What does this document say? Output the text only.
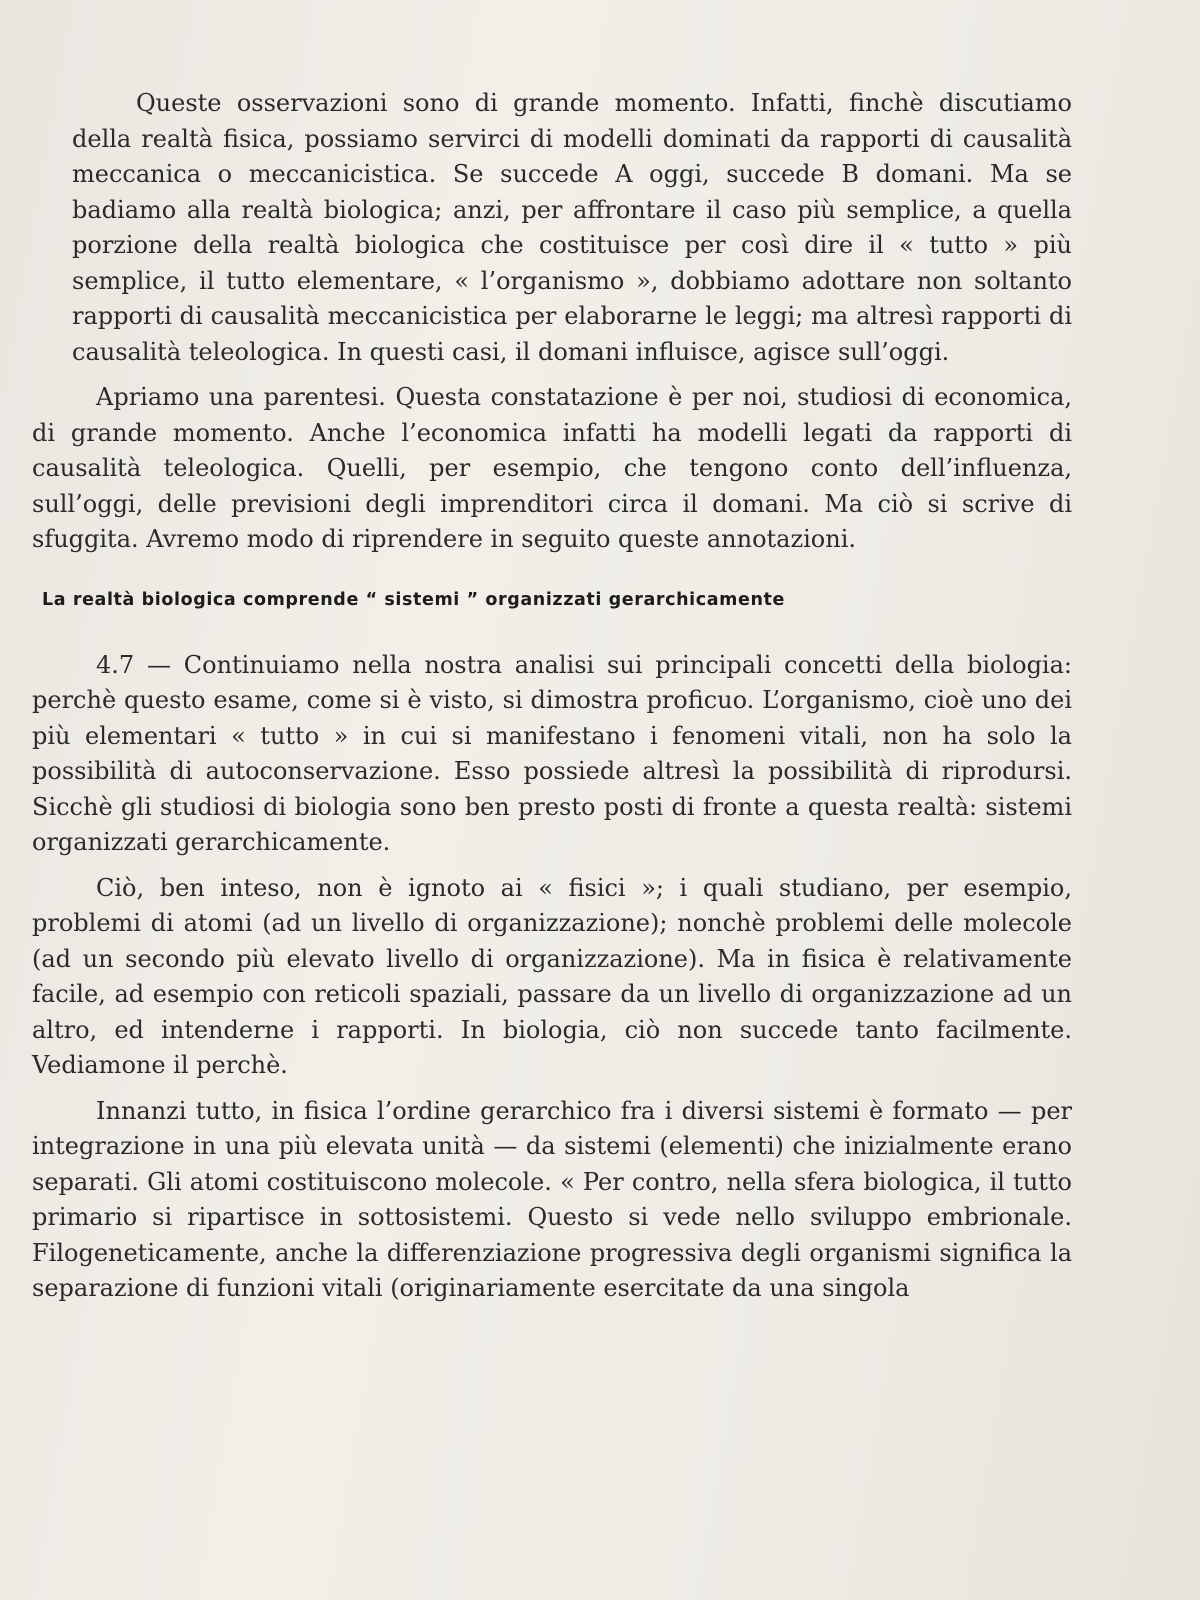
Queste osservazioni sono di grande momento. Infatti, finchè discutiamo della realtà fisica, possiamo servirci di modelli dominati da rapporti di causalità meccanica o meccanicistica. Se succede A oggi, succede B domani. Ma se badiamo alla realtà biologica; anzi, per affrontare il caso più semplice, a quella porzione della realtà biologica che costituisce per così dire il « tutto » più semplice, il tutto elementare, « l’organismo », dobbiamo adottare non soltanto rapporti di causalità meccanicistica per elaborarne le leggi; ma altresì rapporti di causalità teleologica. In questi casi, il domani influisce, agisce sull’oggi.

Apriamo una parentesi. Questa constatazione è per noi, studiosi di economica, di grande momento. Anche l’economica infatti ha modelli legati da rapporti di causalità teleologica. Quelli, per esempio, che tengono conto dell’influenza, sull’oggi, delle previsioni degli imprenditori circa il domani. Ma ciò si scrive di sfuggita. Avremo modo di riprendere in seguito queste annotazioni.

La realtà biologica comprende “ sistemi ” organizzati gerarchicamente

4.7 — Continuiamo nella nostra analisi sui principali concetti della biologia: perchè questo esame, come si è visto, si dimostra proficuo. L’organismo, cioè uno dei più elementari « tutto » in cui si manifestano i fenomeni vitali, non ha solo la possibilità di autoconservazione. Esso possiede altresì la possibilità di riprodursi. Sicchè gli studiosi di biologia sono ben presto posti di fronte a questa realtà: sistemi organizzati gerarchicamente.

Ciò, ben inteso, non è ignoto ai « fisici »; i quali studiano, per esempio, problemi di atomi (ad un livello di organizzazione); nonchè problemi delle molecole (ad un secondo più elevato livello di organizzazione). Ma in fisica è relativamente facile, ad esempio con reticoli spaziali, passare da un livello di organizzazione ad un altro, ed intenderne i rapporti. In biologia, ciò non succede tanto facilmente. Vediamone il perchè.

Innanzi tutto, in fisica l’ordine gerarchico fra i diversi sistemi è formato — per integrazione in una più elevata unità — da sistemi (elementi) che inizialmente erano separati. Gli atomi costituiscono molecole. « Per contro, nella sfera biologica, il tutto primario si ripartisce in sottosistemi. Questo si vede nello sviluppo embrionale. Filogeneticamente, anche la differenziazione progressiva degli organismi significa la separazione di funzioni vitali (originariamente esercitate da una singola
